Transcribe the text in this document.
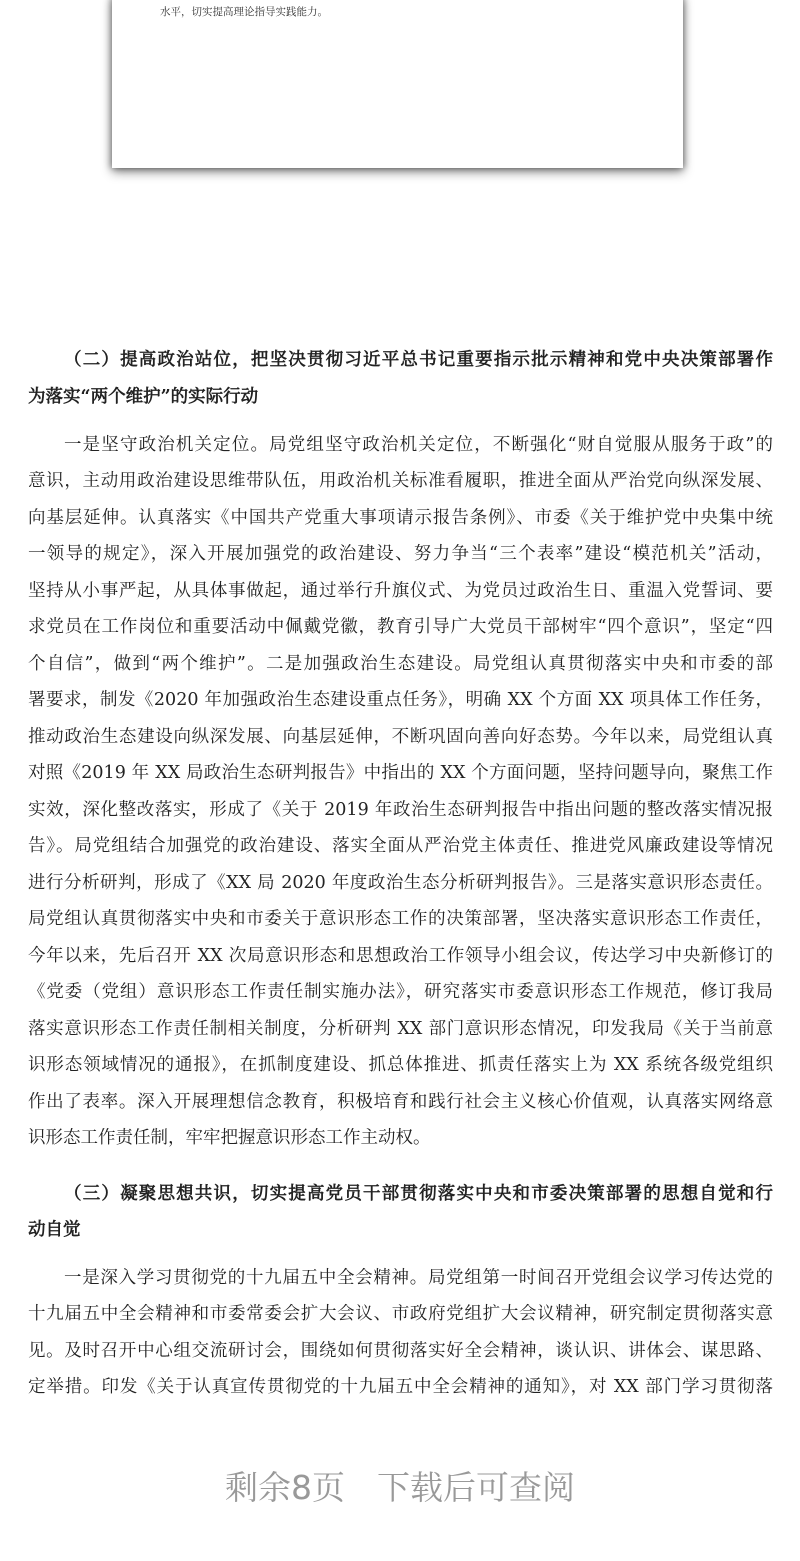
水平，切实提高理论指导实践能力。
（二）提高政治站位，把坚决贯彻习近平总书记重要指示批示精神和党中央决策部署作
为落实“两个维护”的实际行动
一是坚守政治机关定位。局党组坚守政治机关定位，不断强化“财自觉服从服务于政”的
意识，主动用政治建设思维带队伍，用政治机关标准看履职，推进全面从严治党向纵深发展、
向基层延伸。认真落实《中国共产党重大事项请示报告条例》、市委《关于维护党中央集中统
一领导的规定》，深入开展加强党的政治建设、努力争当“三个表率”建设“模范机关”活动，
坚持从小事严起，从具体事做起，通过举行升旗仪式、为党员过政治生日、重温入党誓词、要
求党员在工作岗位和重要活动中佩戴党徽，教育引导广大党员干部树牢“四个意识”，坚定“四
个自信”，做到“两个维护”。二是加强政治生态建设。局党组认真贯彻落实中央和市委的部
署要求，制发《2020 年加强政治生态建设重点任务》，明确 XX 个方面 XX 项具体工作任务，
推动政治生态建设向纵深发展、向基层延伸，不断巩固向善向好态势。今年以来，局党组认真
对照《2019 年 XX 局政治生态研判报告》中指出的 XX 个方面问题，坚持问题导向，聚焦工作
实效，深化整改落实，形成了《关于 2019 年政治生态研判报告中指出问题的整改落实情况报
告》。局党组结合加强党的政治建设、落实全面从严治党主体责任、推进党风廉政建设等情况
进行分析研判，形成了《XX 局 2020 年度政治生态分析研判报告》。三是落实意识形态责任。
局党组认真贯彻落实中央和市委关于意识形态工作的决策部署，坚决落实意识形态工作责任，
今年以来，先后召开 XX 次局意识形态和思想政治工作领导小组会议，传达学习中央新修订的
《党委（党组）意识形态工作责任制实施办法》，研究落实市委意识形态工作规范，修订我局
落实意识形态工作责任制相关制度，分析研判 XX 部门意识形态情况，印发我局《关于当前意
识形态领域情况的通报》，在抓制度建设、抓总体推进、抓责任落实上为 XX 系统各级党组织
作出了表率。深入开展理想信念教育，积极培育和践行社会主义核心价值观，认真落实网络意
识形态工作责任制，牢牢把握意识形态工作主动权。
（三）凝聚思想共识，切实提高党员干部贯彻落实中央和市委决策部署的思想自觉和行
动自觉
一是深入学习贯彻党的十九届五中全会精神。局党组第一时间召开党组会议学习传达党的
十九届五中全会精神和市委常委会扩大会议、市政府党组扩大会议精神，研究制定贯彻落实意
见。及时召开中心组交流研讨会，围绕如何贯彻落实好全会精神，谈认识、讲体会、谋思路、
定举措。印发《关于认真宣传贯彻党的十九届五中全会精神的通知》，对 XX 部门学习贯彻落
剩余8页 下载后可查阅
